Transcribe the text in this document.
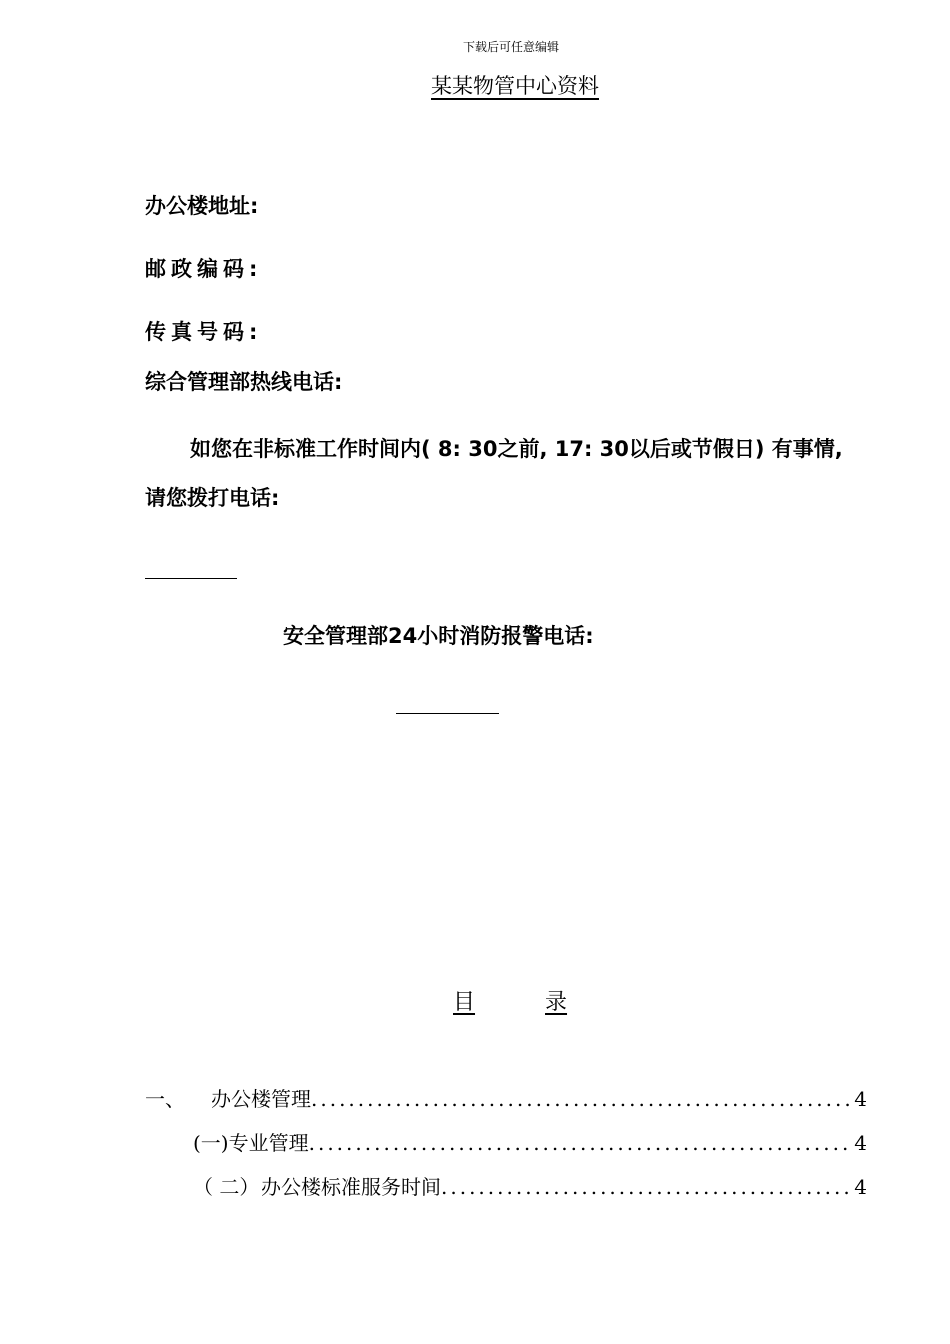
下载后可任意编辑
某某物管中心资料
办公楼地址:
邮政编码:
传真号码:
综合管理部热线电话:
如您在非标准工作时间内( 8: 30之前, 17: 30以后或节假日) 有事情, 请您拨打电话:
安全管理部24小时消防报警电话:
目	录
一、	办公楼管理 .....	4
(一) 专业管理 .....	4
（ 二） 办公楼标准服务时间 .....	4
